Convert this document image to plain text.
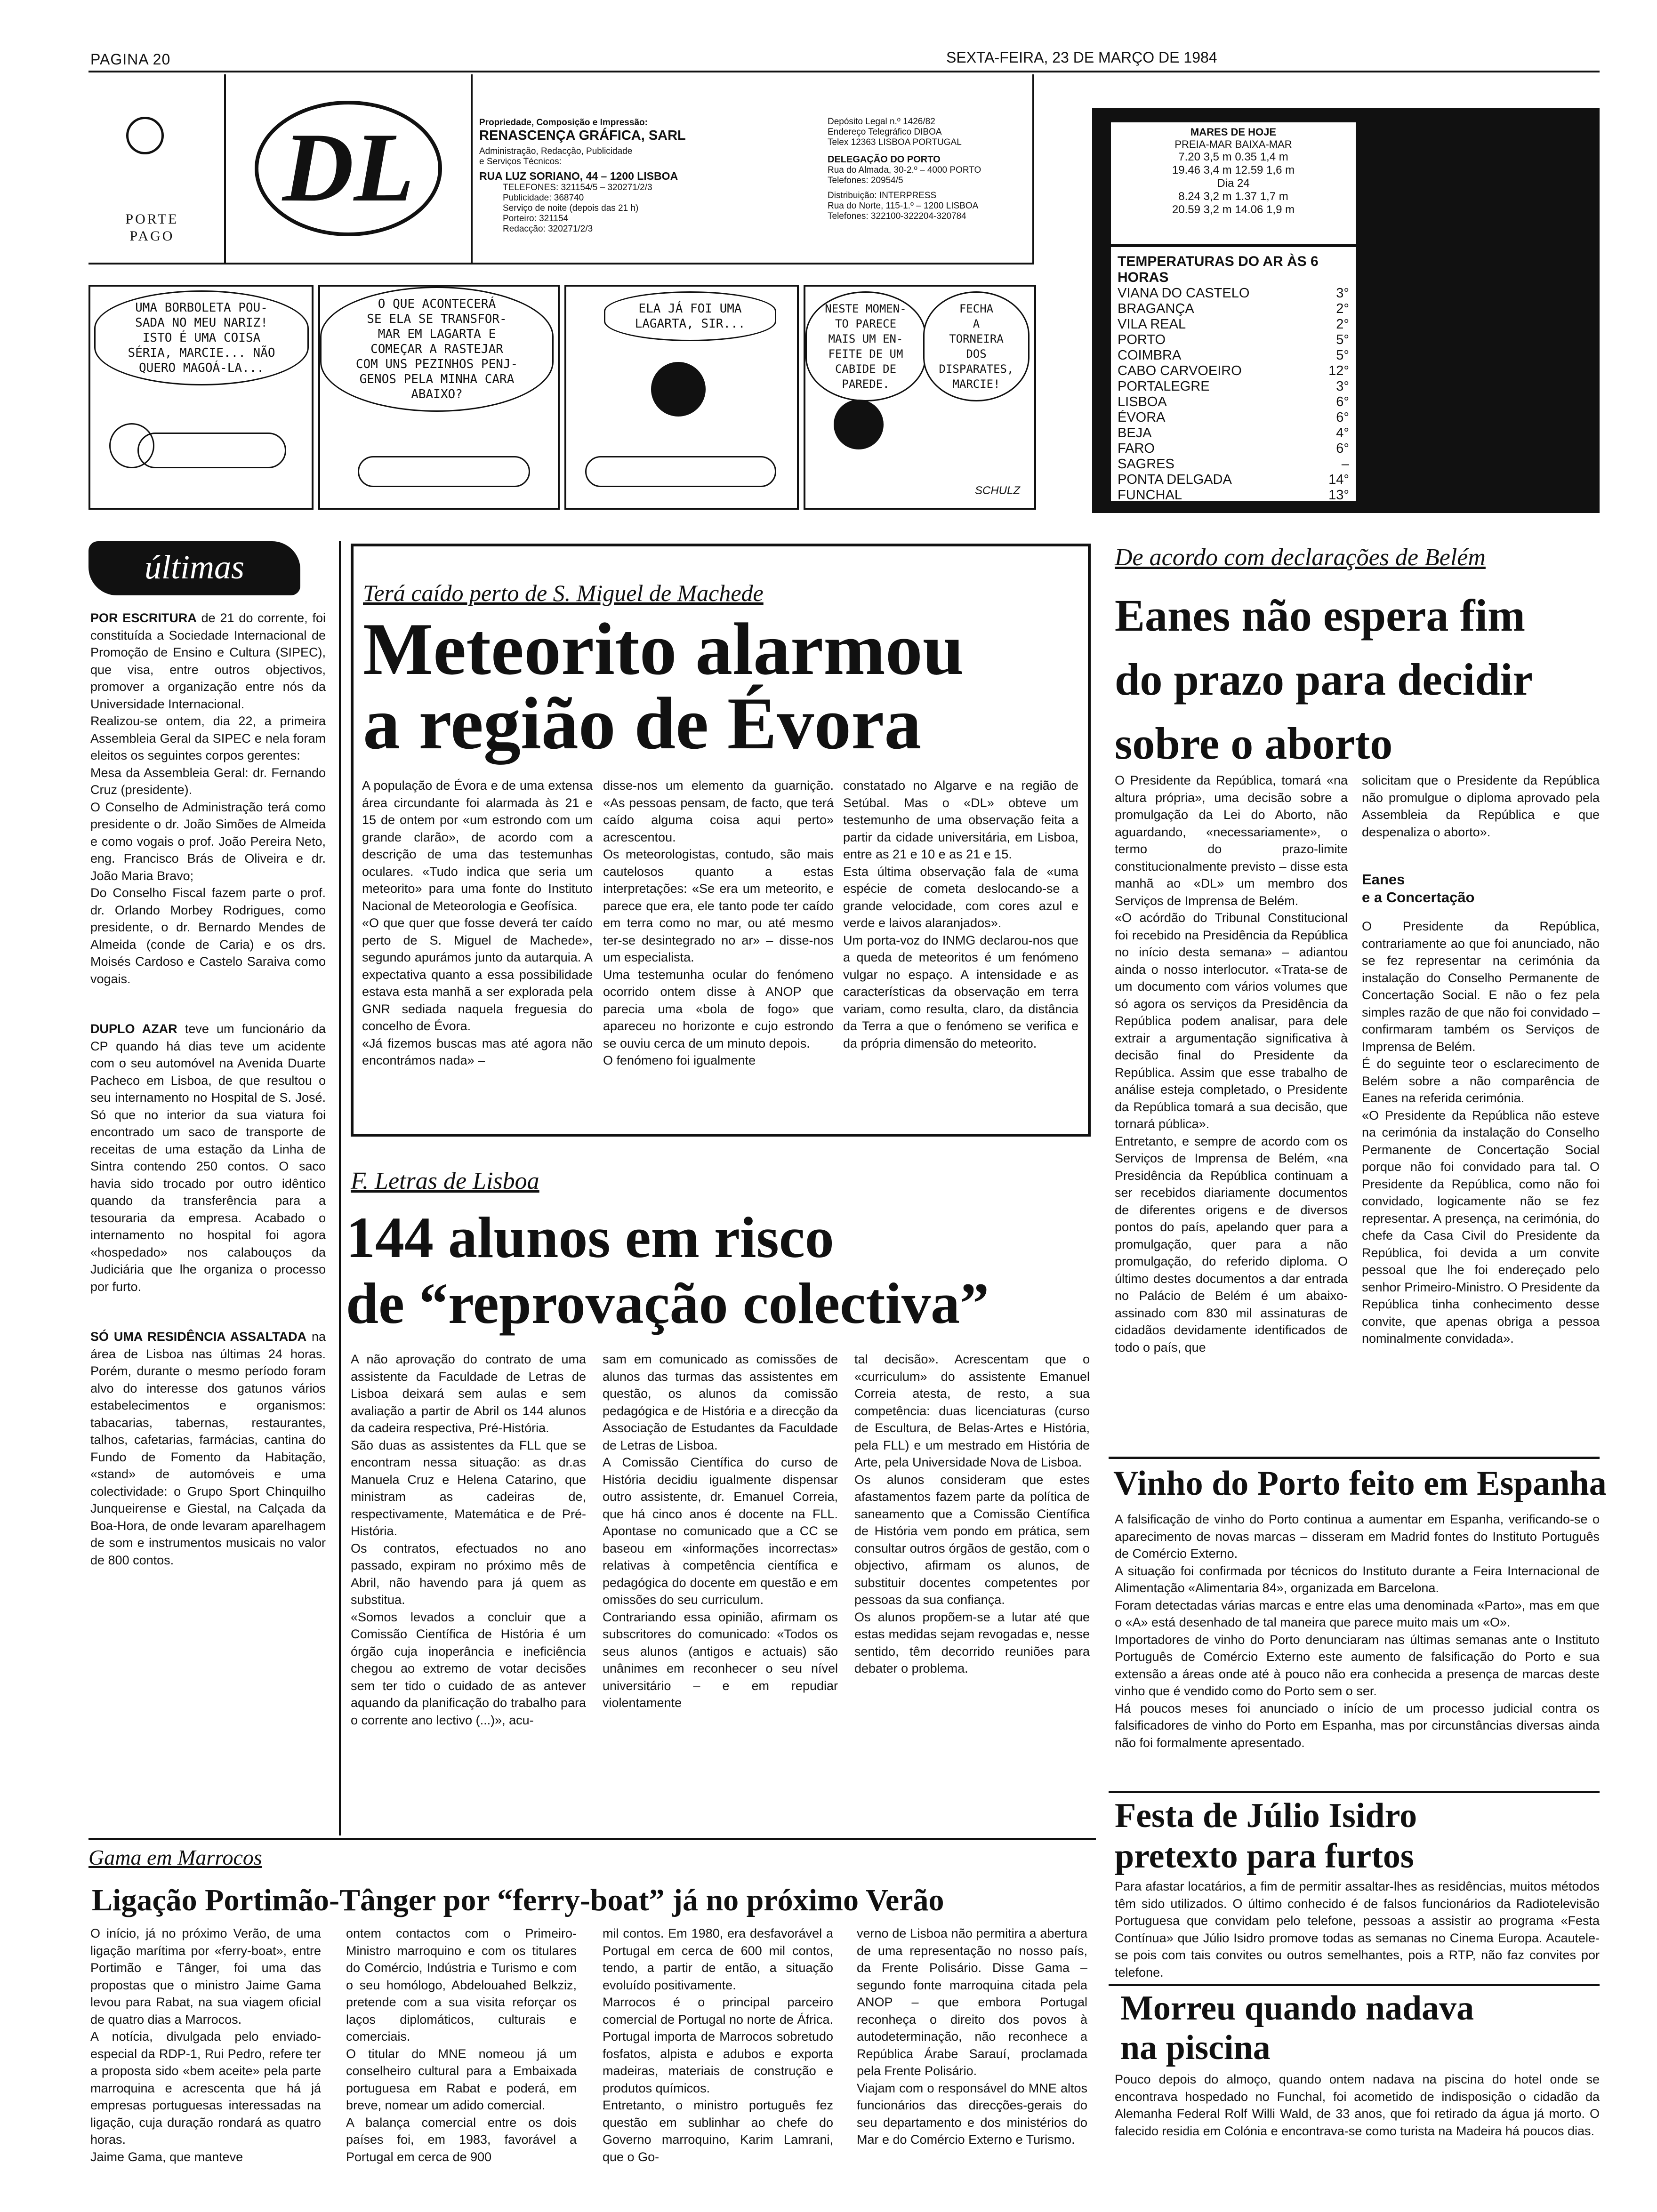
PAGINA 20	SEXTA-FEIRA, 23 DE MARÇO DE 1984
DL
PORTE
PAGO
Propriedade, Composição e Impressão:
RENASCENÇA GRÁFICA, SARL
Administração, Redacção, Publicidade
e Serviços Técnicos:
RUA LUZ SORIANO, 44 – 1200 LISBOA
TELEFONES: 321154/5 – 320271/2/3
Publicidade: 368740
Serviço de noite (depois das 21 h)
Porteiro: 321154
Redacção: 320271/2/3
Depósito Legal n.º 1426/82
Endereço Telegráfico DIBOA
Telex 12363 LISBOA PORTUGAL
DELEGAÇÃO DO PORTO
Rua do Almada, 30-2.º – 4000 PORTO
Telefones: 20954/5
Distribuição: INTERPRESS
Rua do Norte, 115-1.º – 1200 LISBOA
Telefones: 322100-322204-320784
MARES DE HOJE
PREIA-MAR BAIXA-MAR
7.20 3,5 m 0.35 1,4 m
19.46 3,4 m 12.59 1,6 m
Dia 24
8.24 3,2 m 1.37 1,7 m
20.59 3,2 m 14.06 1,9 m
TEMPERATURAS DO AR ÀS 6 HORAS
VIANA DO CASTELO	3°
BRAGANÇA	2°
VILA REAL	2°
PORTO	5°
COIMBRA	5°
CABO CARVOEIRO	12°
PORTALEGRE	3°
LISBOA	6°
ÉVORA	6°
BEJA	4°
FARO	6°
SAGRES	–
PONTA DELGADA	14°
FUNCHAL	13°
UMA BORBOLETA POU-
SADA NO MEU NARIZ!
ISTO É UMA COISA
SÉRIA, MARCIE... NÃO
QUERO MAGOÁ-LA...
O QUE ACONTECERÁ
SE ELA SE TRANSFOR-
MAR EM LAGARTA E
COMEÇAR A RASTEJAR
COM UNS PEZINHOS PENJ-
GENOS PELA MINHA CARA
ABAIXO?
ELA JÁ FOI UMA
LAGARTA, SIR...
NESTE MOMEN-
TO PARECE
MAIS UM EN-
FEITE DE UM
CABIDE DE
PAREDE.
FECHA
A
TORNEIRA
DOS
DISPARATES,
MARCIE!
SCHULZ
últimas
POR ESCRITURA de 21 do corrente, foi constituída a Sociedade Internacional de Promoção de Ensino e Cultura (SIPEC), que visa, entre outros objectivos, promover a organização entre nós da Universidade Internacional.
Realizou-se ontem, dia 22, a primeira Assembleia Geral da SIPEC e nela foram eleitos os seguintes corpos gerentes:
Mesa da Assembleia Geral: dr. Fernando Cruz (presidente).
O Conselho de Administração terá como presidente o dr. João Simões de Almeida e como vogais o prof. João Pereira Neto, eng. Francisco Brás de Oliveira e dr. João Maria Bravo;
Do Conselho Fiscal fazem parte o prof. dr. Orlando Morbey Rodrigues, como presidente, o dr. Bernardo Mendes de Almeida (conde de Caria) e os drs. Moisés Cardoso e Castelo Saraiva como vogais.
DUPLO AZAR teve um funcionário da CP quando há dias teve um acidente com o seu automóvel na Avenida Duarte Pacheco em Lisboa, de que resultou o seu internamento no Hospital de S. José. Só que no interior da sua viatura foi encontrado um saco de transporte de receitas de uma estação da Linha de Sintra contendo 250 contos. O saco havia sido trocado por outro idêntico quando da transferência para a tesouraria da empresa. Acabado o internamento no hospital foi agora «hospedado» nos calabouços da Judiciária que lhe organiza o processo por furto.
SÓ UMA RESIDÊNCIA ASSALTADA na área de Lisboa nas últimas 24 horas. Porém, durante o mesmo período foram alvo do interesse dos gatunos vários estabelecimentos e organismos: tabacarias, tabernas, restaurantes, talhos, cafetarias, farmácias, cantina do Fundo de Fomento da Habitação, «stand» de automóveis e uma colectividade: o Grupo Sport Chinquilho Junqueirense e Giestal, na Calçada da Boa-Hora, de onde levaram aparelhagem de som e instrumentos musicais no valor de 800 contos.
Terá caído perto de S. Miguel de Machede
Meteorito alarmou
a região de Évora
A população de Évora e de uma extensa área circundante foi alarmada às 21 e 15 de ontem por «um estrondo com um grande clarão», de acordo com a descrição de uma das testemunhas oculares. «Tudo indica que seria um meteorito» para uma fonte do Instituto Nacional de Meteorologia e Geofísica.
«O que quer que fosse deverá ter caído perto de S. Miguel de Machede», segundo apurámos junto da autarquia. A expectativa quanto a essa possibilidade estava esta manhã a ser explorada pela GNR sediada naquela freguesia do concelho de Évora.
«Já fizemos buscas mas até agora não encontrámos nada» –
disse-nos um elemento da guarnição. «As pessoas pensam, de facto, que terá caído alguma coisa aqui perto» acrescentou.
Os meteorologistas, contudo, são mais cautelosos quanto a estas interpretações: «Se era um meteorito, e parece que era, ele tanto pode ter caído em terra como no mar, ou até mesmo ter-se desintegrado no ar» – disse-nos um especialista.
Uma testemunha ocular do fenómeno ocorrido ontem disse à ANOP que parecia uma «bola de fogo» que apareceu no horizonte e cujo estrondo se ouviu cerca de um minuto depois.
O fenómeno foi igualmente
constatado no Algarve e na região de Setúbal. Mas o «DL» obteve um testemunho de uma observação feita a partir da cidade universitária, em Lisboa, entre as 21 e 10 e as 21 e 15.
Esta última observação fala de «uma espécie de cometa deslocando-se a grande velocidade, com cores azul e verde e laivos alaranjados».
Um porta-voz do INMG declarou-nos que a queda de meteoritos é um fenómeno vulgar no espaço. A intensidade e as características da observação em terra variam, como resulta, claro, da distância da Terra a que o fenómeno se verifica e da própria dimensão do meteorito.
De acordo com declarações de Belém
Eanes não espera fim
do prazo para decidir
sobre o aborto
O Presidente da República, tomará «na altura própria», uma decisão sobre a promulgação da Lei do Aborto, não aguardando, «necessariamente», o termo do prazo-limite constitucionalmente previsto – disse esta manhã ao «DL» um membro dos Serviços de Imprensa de Belém.
«O acórdão do Tribunal Constitucional foi recebido na Presidência da República no início desta semana» – adiantou ainda o nosso interlocutor. «Trata-se de um documento com vários volumes que só agora os serviços da Presidência da República podem analisar, para dele extrair a argumentação significativa à decisão final do Presidente da República. Assim que esse trabalho de análise esteja completado, o Presidente da República tomará a sua decisão, que tornará pública».
Entretanto, e sempre de acordo com os Serviços de Imprensa de Belém, «na Presidência da República continuam a ser recebidos diariamente documentos de diferentes origens e de diversos pontos do país, apelando quer para a promulgação, quer para a não promulgação, do referido diploma. O último destes documentos a dar entrada no Palácio de Belém é um abaixo-assinado com 830 mil assinaturas de cidadãos devidamente identificados de todo o país, que
solicitam que o Presidente da República não promulgue o diploma aprovado pela Assembleia da República e que despenaliza o aborto».
Eanes
e a Concertação
O Presidente da República, contrariamente ao que foi anunciado, não se fez representar na cerimónia da instalação do Conselho Permanente de Concertação Social. E não o fez pela simples razão de que não foi convidado – confirmaram também os Serviços de Imprensa de Belém.
É do seguinte teor o esclarecimento de Belém sobre a não comparência de Eanes na referida cerimónia.
«O Presidente da República não esteve na cerimónia da instalação do Conselho Permanente de Concertação Social porque não foi convidado para tal. O Presidente da República, como não foi convidado, logicamente não se fez representar. A presença, na cerimónia, do chefe da Casa Civil do Presidente da República, foi devida a um convite pessoal que lhe foi endereçado pelo senhor Primeiro-Ministro. O Presidente da República tinha conhecimento desse convite, que apenas obriga a pessoa nominalmente convidada».
F. Letras de Lisboa
144 alunos em risco
de “reprovação colectiva”
A não aprovação do contrato de uma assistente da Faculdade de Letras de Lisboa deixará sem aulas e sem avaliação a partir de Abril os 144 alunos da cadeira respectiva, Pré-História.
São duas as assistentes da FLL que se encontram nessa situação: as dr.as Manuela Cruz e Helena Catarino, que ministram as cadeiras de, respectivamente, Matemática e de Pré-História.
Os contratos, efectuados no ano passado, expiram no próximo mês de Abril, não havendo para já quem as substitua.
«Somos levados a concluir que a Comissão Científica de História é um órgão cuja inoperância e ineficiência chegou ao extremo de votar decisões sem ter tido o cuidado de as antever aquando da planificação do trabalho para o corrente ano lectivo (...)», acu-
sam em comunicado as comissões de alunos das turmas das assistentes em questão, os alunos da comissão pedagógica e de História e a direcção da Associação de Estudantes da Faculdade de Letras de Lisboa.
A Comissão Científica do curso de História decidiu igualmente dispensar outro assistente, dr. Emanuel Correia, que há cinco anos é docente na FLL. Apontase no comunicado que a CC se baseou em «informações incorrectas» relativas à competência científica e pedagógica do docente em questão e em omissões do seu curriculum.
Contrariando essa opinião, afirmam os subscritores do comunicado: «Todos os seus alunos (antigos e actuais) são unânimes em reconhecer o seu nível universitário – e em repudiar violentamente
tal decisão». Acrescentam que o «curriculum» do assistente Emanuel Correia atesta, de resto, a sua competência: duas licenciaturas (curso de Escultura, de Belas-Artes e História, pela FLL) e um mestrado em História de Arte, pela Universidade Nova de Lisboa.
Os alunos consideram que estes afastamentos fazem parte da política de saneamento que a Comissão Científica de História vem pondo em prática, sem consultar outros órgãos de gestão, com o objectivo, afirmam os alunos, de substituir docentes competentes por pessoas da sua confiança.
Os alunos propõem-se a lutar até que estas medidas sejam revogadas e, nesse sentido, têm decorrido reuniões para debater o problema.
Vinho do Porto feito em Espanha
A falsificação de vinho do Porto continua a aumentar em Espanha, verificando-se o aparecimento de novas marcas – disseram em Madrid fontes do Instituto Português de Comércio Externo.
A situação foi confirmada por técnicos do Instituto durante a Feira Internacional de Alimentação «Alimentaria 84», organizada em Barcelona.
Foram detectadas várias marcas e entre elas uma denominada «Parto», mas em que o «A» está desenhado de tal maneira que parece muito mais um «O».
Importadores de vinho do Porto denunciaram nas últimas semanas ante o Instituto Português de Comércio Externo este aumento de falsificação do Porto e sua extensão a áreas onde até à pouco não era conhecida a presença de marcas deste vinho que é vendido como do Porto sem o ser.
Há poucos meses foi anunciado o início de um processo judicial contra os falsificadores de vinho do Porto em Espanha, mas por circunstâncias diversas ainda não foi formalmente apresentado.
Gama em Marrocos
Ligação Portimão-Tânger por “ferry-boat” já no próximo Verão
O início, já no próximo Verão, de uma ligação marítima por «ferry-boat», entre Portimão e Tânger, foi uma das propostas que o ministro Jaime Gama levou para Rabat, na sua viagem oficial de quatro dias a Marrocos.
A notícia, divulgada pelo enviado-especial da RDP-1, Rui Pedro, refere ter a proposta sido «bem aceite» pela parte marroquina e acrescenta que há já empresas portuguesas interessadas na ligação, cuja duração rondará as quatro horas.
Jaime Gama, que manteve
ontem contactos com o Primeiro-Ministro marroquino e com os titulares do Comércio, Indústria e Turismo e com o seu homólogo, Abdelouahed Belkziz, pretende com a sua visita reforçar os laços diplomáticos, culturais e comerciais.
O titular do MNE nomeou já um conselheiro cultural para a Embaixada portuguesa em Rabat e poderá, em breve, nomear um adido comercial.
A balança comercial entre os dois países foi, em 1983, favorável a Portugal em cerca de 900
mil contos. Em 1980, era desfavorável a Portugal em cerca de 600 mil contos, tendo, a partir de então, a situação evoluído positivamente.
Marrocos é o principal parceiro comercial de Portugal no norte de África. Portugal importa de Marrocos sobretudo fosfatos, alpista e adubos e exporta madeiras, materiais de construção e produtos químicos.
Entretanto, o ministro português fez questão em sublinhar ao chefe do Governo marroquino, Karim Lamrani, que o Go-
verno de Lisboa não permitira a abertura de uma representação no nosso país, da Frente Polisário. Disse Gama – segundo fonte marroquina citada pela ANOP – que embora Portugal reconheça o direito dos povos à autodeterminação, não reconhece a República Árabe Sarauí, proclamada pela Frente Polisário.
Viajam com o responsável do MNE altos funcionários das direcções-gerais do seu departamento e dos ministérios do Mar e do Comércio Externo e Turismo.
Festa de Júlio Isidro
pretexto para furtos
Para afastar locatários, a fim de permitir assaltar-lhes as residências, muitos métodos têm sido utilizados. O último conhecido é de falsos funcionários da Radiotelevisão Portuguesa que convidam pelo telefone, pessoas a assistir ao programa «Festa Contínua» que Júlio Isidro promove todas as semanas no Cinema Europa. Acautele-se pois com tais convites ou outros semelhantes, pois a RTP, não faz convites por telefone.
Morreu quando nadava
na piscina
Pouco depois do almoço, quando ontem nadava na piscina do hotel onde se encontrava hospedado no Funchal, foi acometido de indisposição o cidadão da Alemanha Federal Rolf Willi Wald, de 33 anos, que foi retirado da água já morto. O falecido residia em Colónia e encontrava-se como turista na Madeira há poucos dias.
